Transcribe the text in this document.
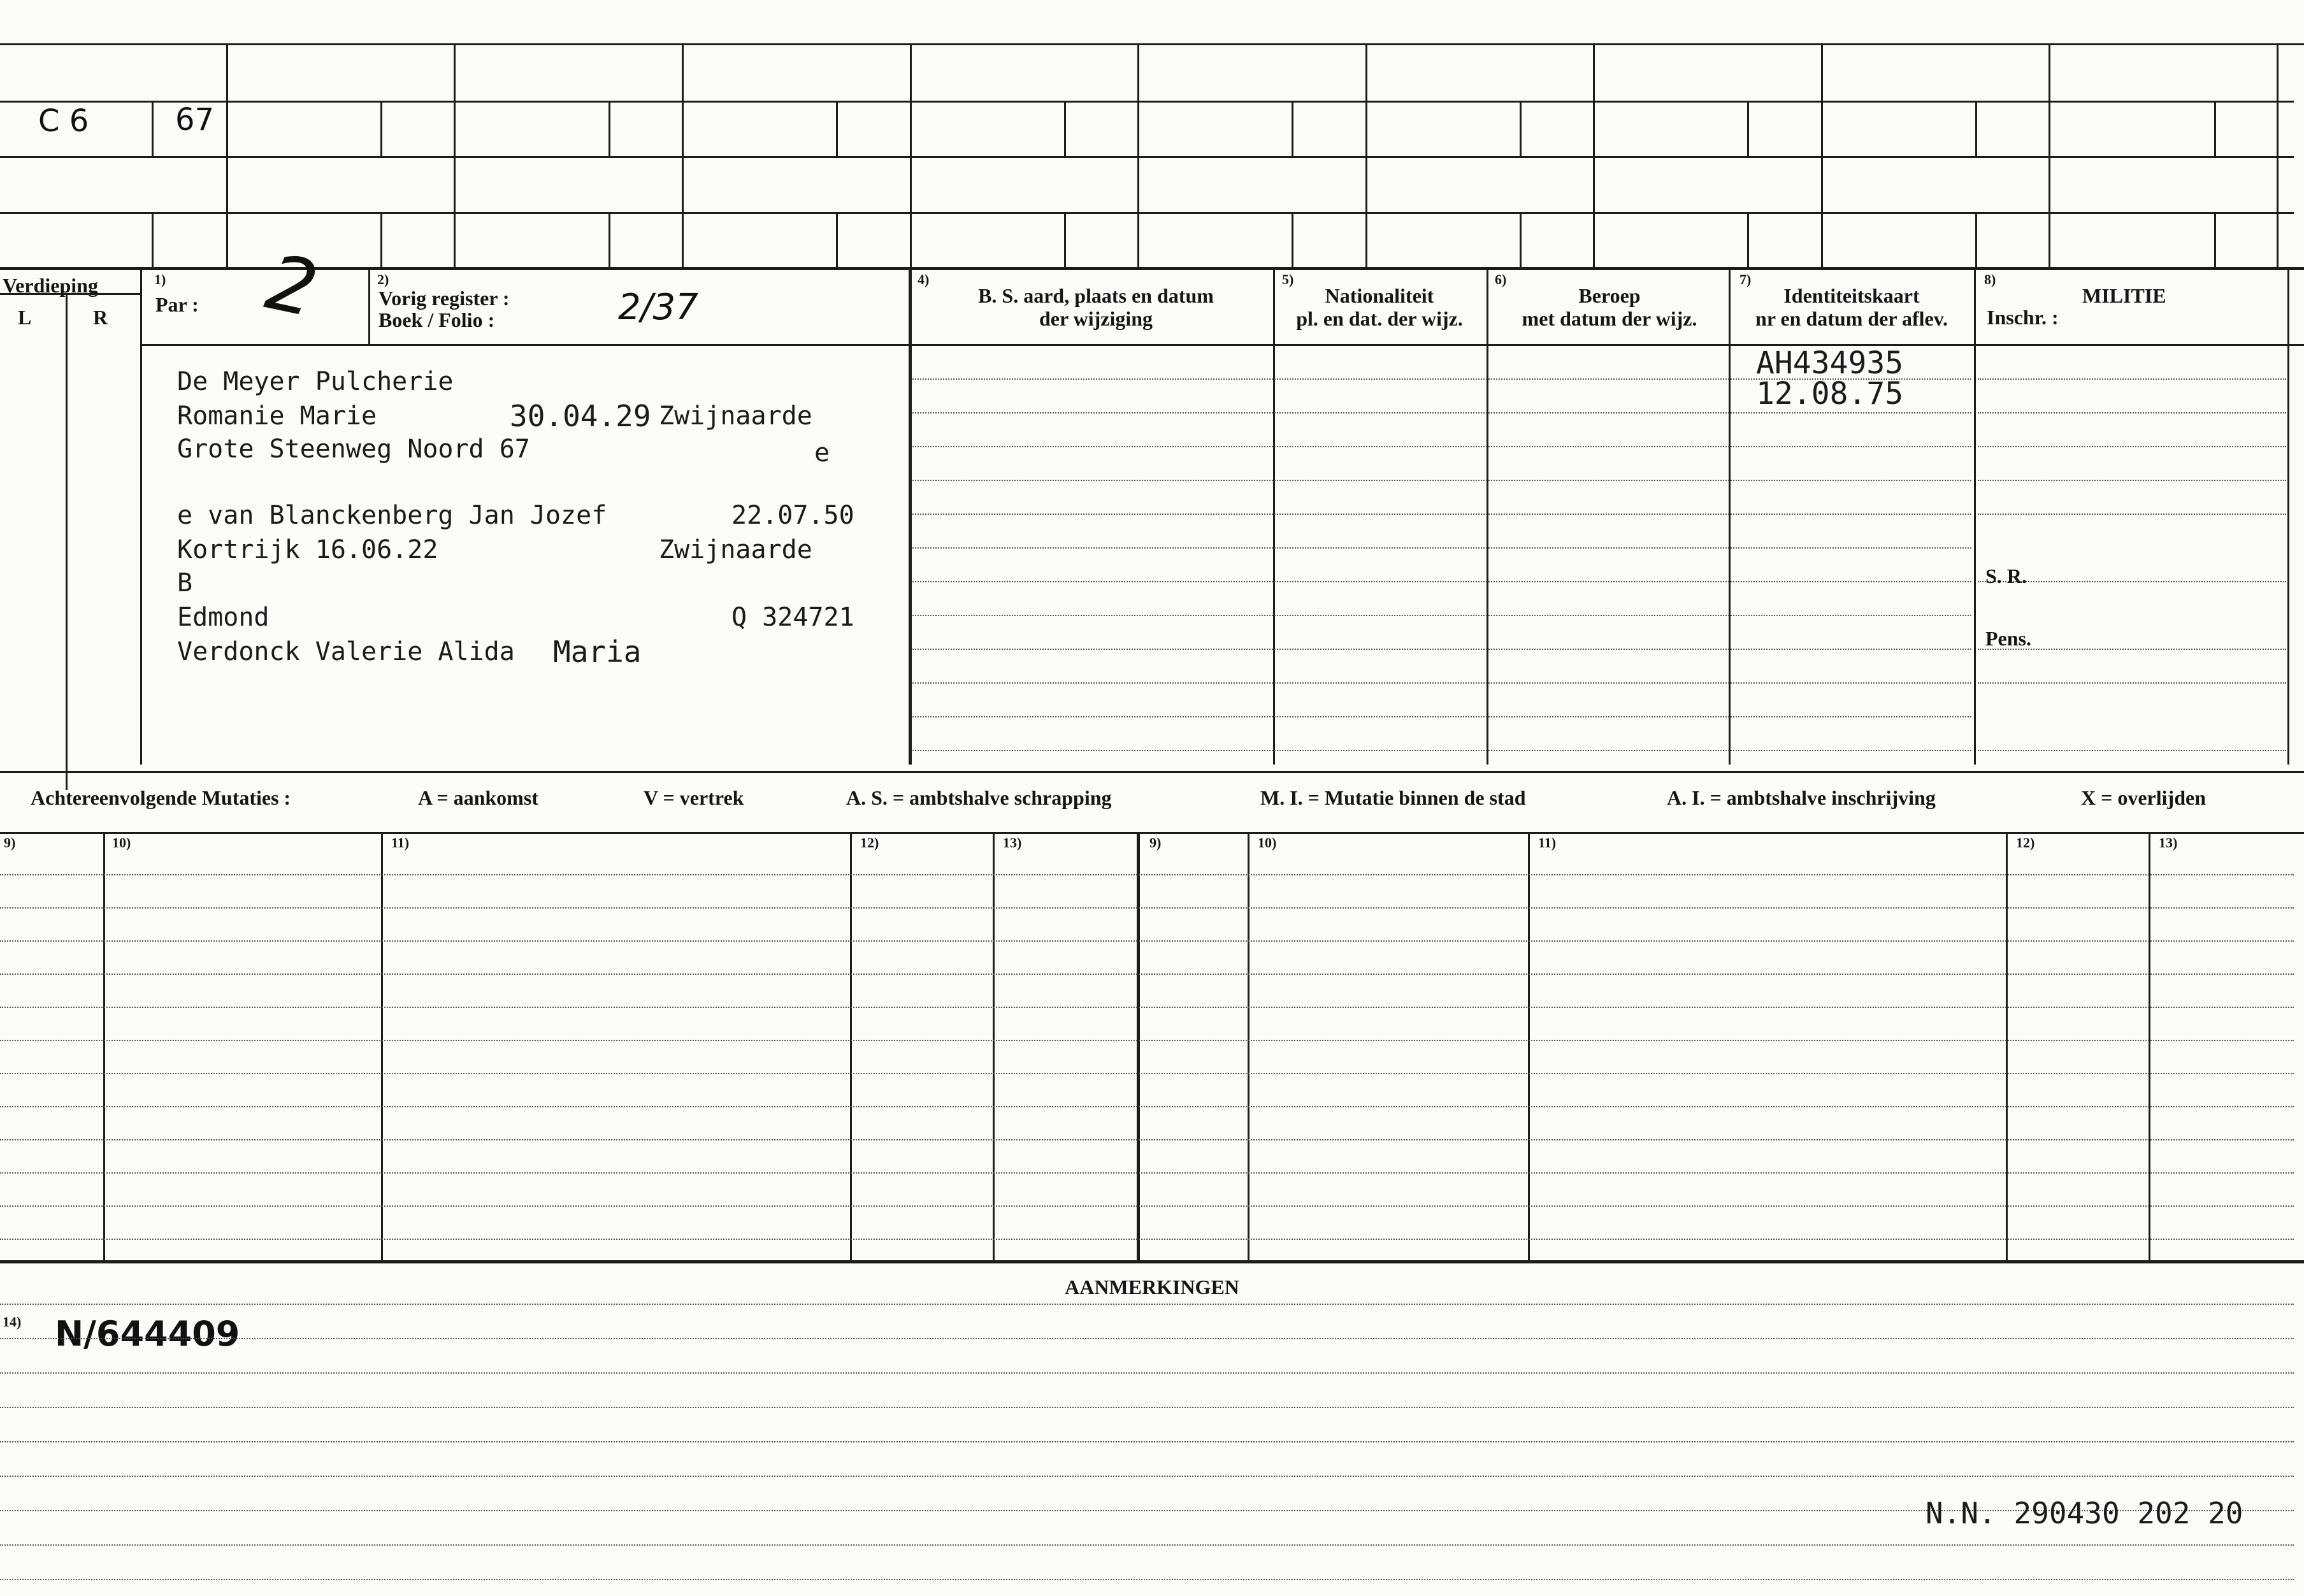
C 6	67
Verdieping
L	R
1)
Par : 2	2)
Vorig register :
Boek / Folio :	2/37
4)
B. S. aard, plaats en datum
der wijziging
5)
Nationaliteit
pl. en dat. der wijz.
6)
Beroep
met datum der wijz.
7)
Identiteitskaart
nr en datum der aflev.
8)
MILITIE
Inschr. :
S. R.
Pens.
De Meyer Pulcherie
Romanie Marie	30.04.29 Zwijnaarde
Grote Steenweg Noord 67	e
e van Blanckenberg Jan Jozef	22.07.50
Kortrijk 16.06.22	Zwijnaarde
B
Edmond	Q 324721
Verdonck Valerie Alida Maria
AH434935
12.08.75
Achtereenvolgende Mutaties :	A = aankomst	V = vertrek	A. S. = ambtshalve schrapping	M. I. = Mutatie binnen de stad	A. I. = ambtshalve inschrijving	X = overlijden
9)	10)	11)	12)	13)	9)	10)	11)	12)	13)
AANMERKINGEN
14) N/644409
N.N. 290430 202 20
